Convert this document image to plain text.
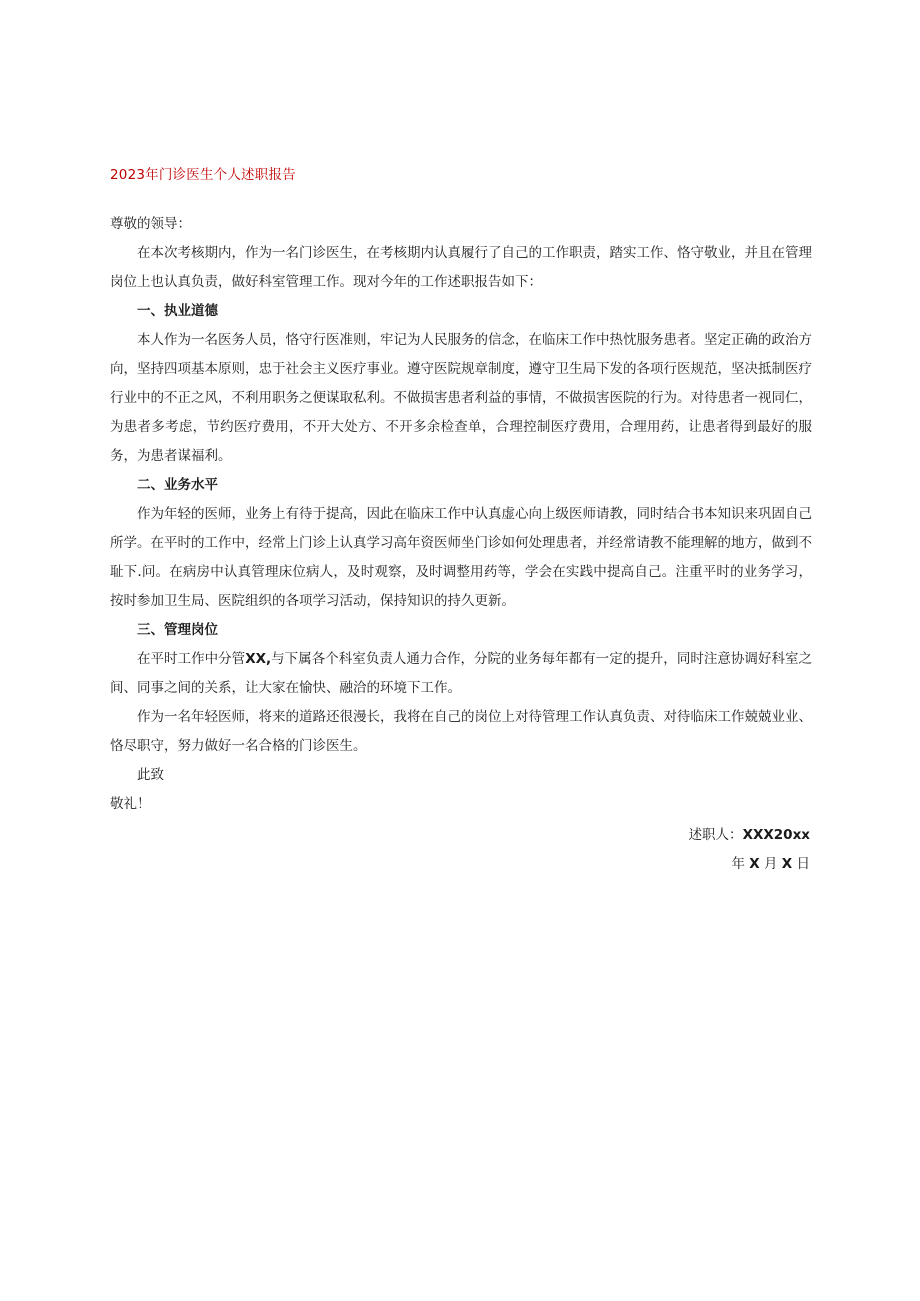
2023年门诊医生个人述职报告

尊敬的领导：

在本次考核期内，作为一名门诊医生，在考核期内认真履行了自己的工作职责，踏实工作、恪守敬业，并且在管理岗位上也认真负责，做好科室管理工作。现对今年的工作述职报告如下：

一、执业道德

本人作为一名医务人员，恪守行医准则，牢记为人民服务的信念，在临床工作中热忱服务患者。坚定正确的政治方向，坚持四项基本原则，忠于社会主义医疗事业。遵守医院规章制度，遵守卫生局下发的各项行医规范，坚决抵制医疗行业中的不正之风，不利用职务之便谋取私利。不做损害患者利益的事情，不做损害医院的行为。对待患者一视同仁，为患者多考虑，节约医疗费用，不开大处方、不开多余检查单，合理控制医疗费用，合理用药，让患者得到最好的服务，为患者谋福利。

二、业务水平

作为年轻的医师，业务上有待于提高，因此在临床工作中认真虚心向上级医师请教，同时结合书本知识来巩固自己所学。在平时的工作中，经常上门诊上认真学习高年资医师坐门诊如何处理患者，并经常请教不能理解的地方，做到不耻下.问。在病房中认真管理床位病人，及时观察，及时调整用药等，学会在实践中提高自己。注重平时的业务学习，按时参加卫生局、医院组织的各项学习活动，保持知识的持久更新。

三、管理岗位

在平时工作中分管XX,与下属各个科室负责人通力合作，分院的业务每年都有一定的提升，同时注意协调好科室之间、同事之间的关系，让大家在愉快、融洽的环境下工作。

作为一名年轻医师，将来的道路还很漫长，我将在自己的岗位上对待管理工作认真负责、对待临床工作兢兢业业、恪尽职守，努力做好一名合格的门诊医生。

此致

敬礼！

述职人：XXX20xx

年 X 月 X 日
